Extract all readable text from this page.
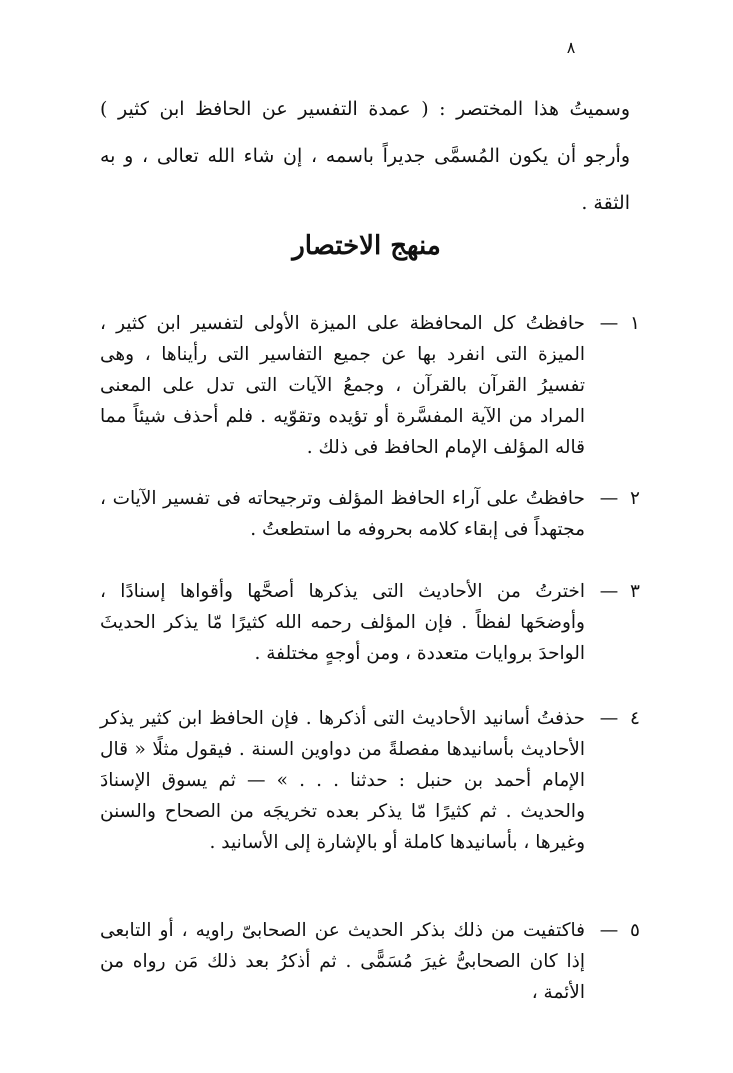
٨

وسميتُ هذا المختصر : ( عمدة التفسير عن الحافظ ابن كثير ) وأرجو أن يكون المُسمَّى جديراً باسمه ، إن شاء الله تعالى ، و به الثقة .

منهج الاختصار
١
—
حافظتُ كل المحافظة على الميزة الأولى لتفسير ابن كثير ، الميزة التى انفرد بها عن جميع التفاسير التى رأيناها ، وهى تفسيرُ القرآن بالقرآن ، وجمعُ الآيات التى تدل على المعنى المراد من الآية المفسَّرة أو تؤيده وتقوّيه . فلم أحذف شيئاً مما قاله المؤلف الإمام الحافظ فى ذلك .
٢
—
حافظتُ على آراء الحافظ المؤلف وترجيحاته فى تفسير الآيات ، مجتهداً فى إبقاء كلامه بحروفه ما استطعتُ .
٣
—
اخترتُ من الأحاديث التى يذكرها أصحَّها وأقواها إسنادًا ، وأوضحَها لفظاً . فإن المؤلف رحمه الله كثيرًا مّا يذكر الحديثَ الواحدَ بروايات متعددة ، ومن أوجهٍ مختلفة .
٤
—
حذفتُ أسانيد الأحاديث التى أذكرها . فإن الحافظ ابن كثير يذكر الأحاديث بأسانيدها مفصلةً من دواوين السنة . فيقول مثلًا « قال الإمام أحمد بن حنبل : حدثنا . . . » — ثم يسوق الإسنادَ والحديث . ثم كثيرًا مّا يذكر بعده تخريجَه من الصحاح والسنن وغيرها ، بأسانيدها كاملة أو بالإشارة إلى الأسانيد .
٥
—
فاكتفيت من ذلك بذكر الحديث عن الصحابىّ راويه ، أو التابعى إذا كان الصحابىُّ غيرَ مُسَمًّى . ثم أذكرُ بعد ذلك مَن رواه من الأئمة ،
